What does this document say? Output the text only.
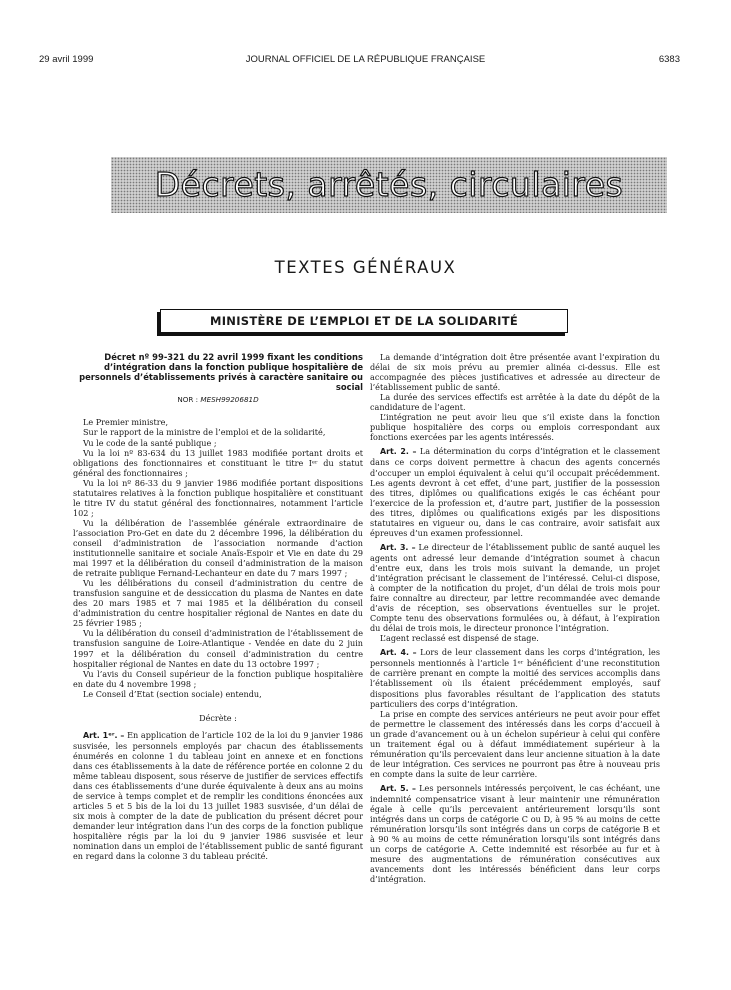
29 avril 1999	JOURNAL OFFICIEL DE LA RÉPUBLIQUE FRANÇAISE	6383
Décrets, arrêtés, circulaires
TEXTES GÉNÉRAUX
MINISTÈRE DE L’EMPLOI ET DE LA SOLIDARITÉ

Décret nº 99-321 du 22 avril 1999 fixant les conditions d’intégration dans la fonction publique hospitalière de personnels d’établissements privés à caractère sanitaire ou social

NOR : MESH9920681D

Le Premier ministre,

Sur le rapport de la ministre de l’emploi et de la solidarité,

Vu le code de la santé publique ;

Vu la loi nº 83-634 du 13 juillet 1983 modifiée portant droits et obligations des fonctionnaires et constituant le titre Iᵉʳ du statut général des fonctionnaires ;

Vu la loi nº 86-33 du 9 janvier 1986 modifiée portant dispositions statutaires relatives à la fonction publique hospitalière et constituant le titre IV du statut général des fonctionnaires, notamment l’article 102 ;

Vu la délibération de l’assemblée générale extraordinaire de l’association Pro-Get en date du 2 décembre 1996, la délibération du conseil d’administration de l’association normande d’action institutionnelle sanitaire et sociale Anaïs-Espoir et Vie en date du 29 mai 1997 et la délibération du conseil d’administration de la maison de retraite publique Fernand-Lechanteur en date du 7 mars 1997 ;

Vu les délibérations du conseil d’administration du centre de transfusion sanguine et de dessiccation du plasma de Nantes en date des 20 mars 1985 et 7 mai 1985 et la délibération du conseil d’administration du centre hospitalier régional de Nantes en date du 25 février 1985 ;

Vu la délibération du conseil d’administration de l’établissement de transfusion sanguine de Loire-Atlantique - Vendée en date du 2 juin 1997 et la délibération du conseil d’administration du centre hospitalier régional de Nantes en date du 13 octobre 1997 ;

Vu l’avis du Conseil supérieur de la fonction publique hospitalière en date du 4 novembre 1998 ;

Le Conseil d’Etat (section sociale) entendu,

Décrète :

Art. 1ᵉʳ. – En application de l’article 102 de la loi du 9 janvier 1986 susvisée, les personnels employés par chacun des établissements énumérés en colonne 1 du tableau joint en annexe et en fonctions dans ces établissements à la date de référence portée en colonne 2 du même tableau disposent, sous réserve de justifier de services effectifs dans ces établissements d’une durée équivalente à deux ans au moins de service à temps complet et de remplir les conditions énoncées aux articles 5 et 5 bis de la loi du 13 juillet 1983 susvisée, d’un délai de six mois à compter de la date de publication du présent décret pour demander leur intégration dans l’un des corps de la fonction publique hospitalière régis par la loi du 9 janvier 1986 susvisée et leur nomination dans un emploi de l’établissement public de santé figurant en regard dans la colonne 3 du tableau précité.

La demande d’intégration doit être présentée avant l’expiration du délai de six mois prévu au premier alinéa ci-dessus. Elle est accompagnée des pièces justificatives et adressée au directeur de l’établissement public de santé.

La durée des services effectifs est arrêtée à la date du dépôt de la candidature de l’agent.

L’intégration ne peut avoir lieu que s’il existe dans la fonction publique hospitalière des corps ou emplois correspondant aux fonctions exercées par les agents intéressés.

Art. 2. – La détermination du corps d’intégration et le classement dans ce corps doivent permettre à chacun des agents concernés d’occuper un emploi équivalent à celui qu’il occupait précédemment. Les agents devront à cet effet, d’une part, justifier de la possession des titres, diplômes ou qualifications exigés le cas échéant pour l’exercice de la profession et, d’autre part, justifier de la possession des titres, diplômes ou qualifications exigés par les dispositions statutaires en vigueur ou, dans le cas contraire, avoir satisfait aux épreuves d’un examen professionnel.

Art. 3. – Le directeur de l’établissement public de santé auquel les agents ont adressé leur demande d’intégration soumet à chacun d’entre eux, dans les trois mois suivant la demande, un projet d’intégration précisant le classement de l’intéressé. Celui-ci dispose, à compter de la notification du projet, d’un délai de trois mois pour faire connaître au directeur, par lettre recommandée avec demande d’avis de réception, ses observations éventuelles sur le projet. Compte tenu des observations formulées ou, à défaut, à l’expiration du délai de trois mois, le directeur prononce l’intégration.

L’agent reclassé est dispensé de stage.

Art. 4. – Lors de leur classement dans les corps d’intégration, les personnels mentionnés à l’article 1ᵉʳ bénéficient d’une reconstitution de carrière prenant en compte la moitié des services accomplis dans l’établissement où ils étaient précédemment employés, sauf dispositions plus favorables résultant de l’application des statuts particuliers des corps d’intégration.

La prise en compte des services antérieurs ne peut avoir pour effet de permettre le classement des intéressés dans les corps d’accueil à un grade d’avancement ou à un échelon supérieur à celui qui confère un traitement égal ou à défaut immédiatement supérieur à la rémunération qu’ils percevaient dans leur ancienne situation à la date de leur intégration. Ces services ne pourront pas être à nouveau pris en compte dans la suite de leur carrière.

Art. 5. – Les personnels intéressés perçoivent, le cas échéant, une indemnité compensatrice visant à leur maintenir une rémunération égale à celle qu’ils percevaient antérieurement lorsqu’ils sont intégrés dans un corps de catégorie C ou D, à 95 % au moins de cette rémunération lorsqu’ils sont intégrés dans un corps de catégorie B et à 90 % au moins de cette rémunération lorsqu’ils sont intégrés dans un corps de catégorie A. Cette indemnité est résorbée au fur et à mesure des augmentations de rémunération consécutives aux avancements dont les intéressés bénéficient dans leur corps d’intégration.
